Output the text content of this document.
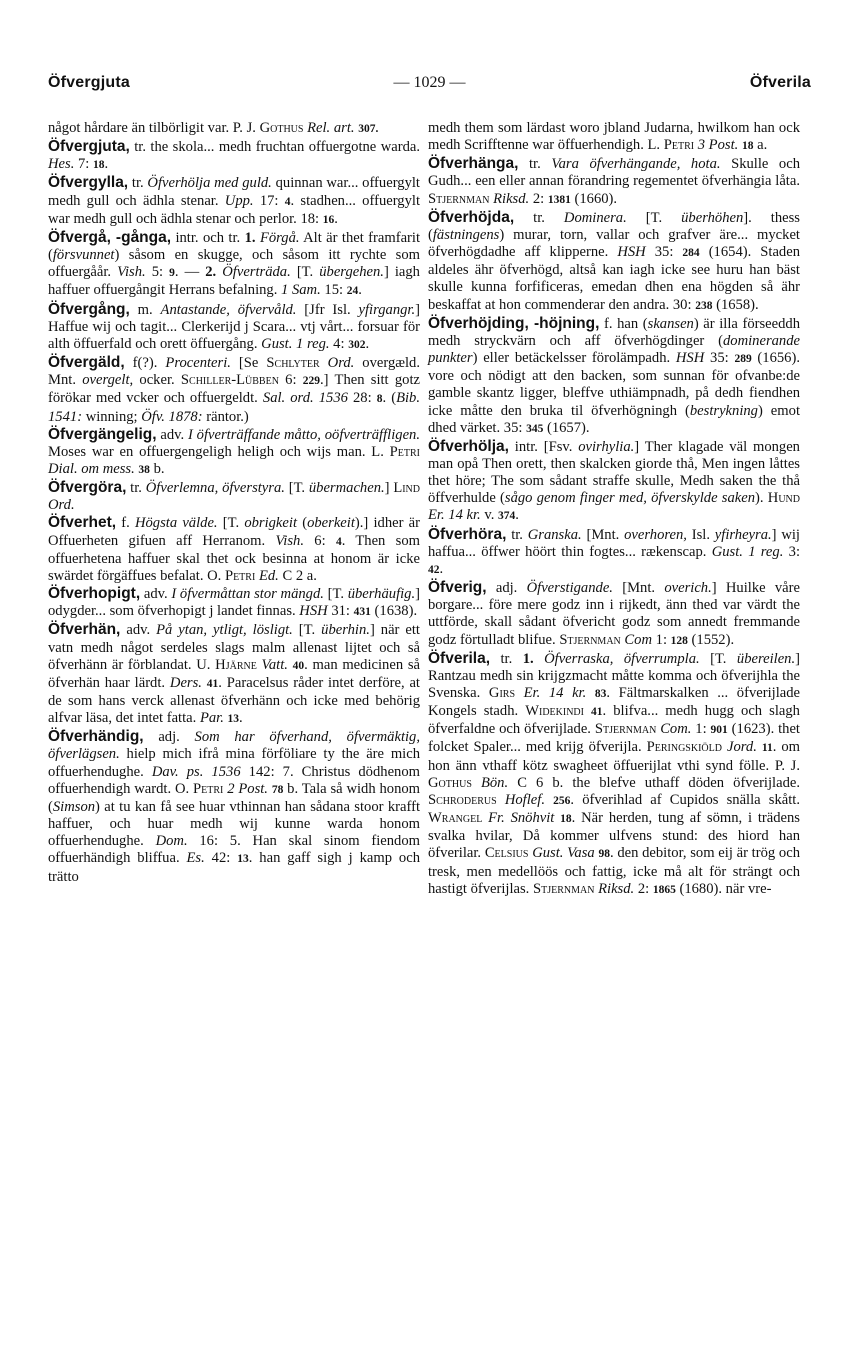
Öfvergjuta	— 1029 —	Öfverila

något hårdare än tilbörligit var. P. J. Gothus Rel. art. 307.

Öfvergjuta, tr. the skola... medh fruchtan offuergotne warda. Hes. 7: 18.

Öfvergylla, tr. Öfverhölja med guld. quinnan war... offuergylt medh gull och ädhla stenar. Upp. 17: 4. stadhen... offuergylt war medh gull och ädhla stenar och perlor. 18: 16.

Öfvergå, -gånga, intr. och tr. 1. Förgå. Alt är thet framfarit (försvunnet) såsom en skugge, och såsom itt rychte som offuergåår. Vish. 5: 9. — 2. Öfverträda. [T. übergehen.] iagh haffuer offuergångit Herrans befalning. 1 Sam. 15: 24.

Öfvergång, m. Antastande, öfvervåld. [Jfr Isl. yfirgangr.] Haffue wij och tagit... Clerkerijd j Scara... vtj vårt... forsuar för alth öffuerfald och orett öffuergång. Gust. 1 reg. 4: 302.

Öfvergäld, f(?). Procenteri. [Se Schlyter Ord. overgæld. Mnt. overgelt, ocker. Schiller-Lübben 6: 229.] Then sitt gotz förökar med vcker och offuergeldt. Sal. ord. 1536 28: 8. (Bib. 1541: winning; Öfv. 1878: räntor.)

Öfvergängelig, adv. I öfverträffande måtto, oöfverträffligen. Moses war en offuergengeligh heligh och wijs man. L. Petri Dial. om mess. 38 b.

Öfvergöra, tr. Öfverlemna, öfverstyra. [T. übermachen.] Lind Ord.

Öfverhet, f. Högsta välde. [T. obrigkeit (oberkeit).] idher är Offuerheten gifuen aff Herranom. Vish. 6: 4. Then som offuerhetena haffuer skal thet ock besinna at honom är icke swärdet förgäffues befalat. O. Petri Ed. C 2 a.

Öfverhopigt, adv. I öfvermåttan stor mängd. [T. überhäufig.] odygder... som öfverhopigt j landet finnas. HSH 31: 431 (1638).

Öfverhän, adv. På ytan, ytligt, lösligt. [T. überhin.] när ett vatn medh något serdeles slags malm allenast lijtet och så öfverhänn är förblandat. U. Hjärne Vatt. 40. man medicinen så öfverhän haar lärdt. Ders. 41. Paracelsus råder intet derföre, at de som hans verck allenast öfverhänn och icke med behörig alfvar läsa, det intet fatta. Par. 13.

Öfverhändig, adj. Som har öfverhand, öfvermäktig, öfverlägsen. hielp mich ifrå mina förföliare ty the äre mich offuerhendughe. Dav. ps. 1536 142: 7. Christus dödhenom offuerhendigh wardt. O. Petri 2 Post. 78 b. Tala så widh honom (Simson) at tu kan få see huar vthinnan han sådana stoor krafft haffuer, och huar medh wij kunne warda honom offuerhendughe. Dom. 16: 5. Han skal sinom fiendom offuerhändigh bliffua. Es. 42: 13. han gaff sigh j kamp och trätto

medh them som lärdast woro jbland Judarna, hwilkom han ock medh Scrifftenne war öffuerhendigh. L. Petri 3 Post. 18 a.

Öfverhänga, tr. Vara öfverhängande, hota. Skulle och Gudh... een eller annan förandring regementet öfverhängia låta. Stjernman Riksd. 2: 1381 (1660).

Öfverhöjda, tr. Dominera. [T. überhöhen]. thess (fästningens) murar, torn, vallar och grafver äre... mycket öfverhögdadhe aff klipperne. HSH 35: 284 (1654). Staden aldeles ähr öfverhögd, altså kan iagh icke see huru han bäst skulle kunna forfificeras, emedan dhen ena högden så ähr beskaffat at hon commenderar den andra. 30: 238 (1658).

Öfverhöjding, -höjning, f. han (skansen) är illa förseeddh medh stryckvärn och aff öfverhögdinger (dominerande punkter) eller betäckelsser förolämpadh. HSH 35: 289 (1656). vore och nödigt att den backen, som sunnan för ofvanbe:de gamble skantz ligger, bleffve uthiämpnadh, på dedh fiendhen icke måtte den bruka til öfverhögningh (bestrykning) emot dhed värket. 35: 345 (1657).

Öfverhölja, intr. [Fsv. ovirhylia.] Ther klagade väl mongen man opå Then orett, then skalcken giorde thå, Men ingen låttes thet höre; The som sådant straffe skulle, Medh saken the thå öffverhulde (sågo genom finger med, öfverskylde saken). Hund Er. 14 kr. v. 374.

Öfverhöra, tr. Granska. [Mnt. overhoren, Isl. yfirheyra.] wij haffua... öffwer höört thin fogtes... rækenscap. Gust. 1 reg. 3: 42.

Öfverig, adj. Öfverstigande. [Mnt. overich.] Huilke våre borgare... före mere godz inn i rijkedt, änn thed var värdt the uttförde, skall sådant öfvericht godz som annedt fremmande godz förtulladt blifue. Stjernman Com 1: 128 (1552).

Öfverila, tr. 1. Öfverraska, öfverrumpla. [T. übereilen.] Rantzau medh sin krijgzmacht måtte komma och öfverijhla the Svenska. Girs Er. 14 kr. 83. Fältmarskalken ... öfverijlade Kongels stadh. Widekindi 41. blifva... medh hugg och slagh öfverfaldne och öfverijlade. Stjernman Com. 1: 901 (1623). thet folcket Spaler... med krijg öfverijla. Peringskiöld Jord. 11. om hon änn vthaff kötz swagheet öffuerijlat vthi synd fölle. P. J. Gothus Bön. C 6 b. the blefve uthaff döden öfverijlade. Schroderus Hoflef. 256. öfverihlad af Cupidos snälla skått. Wrangel Fr. Snöhvit 18. När herden, tung af sömn, i trädens svalka hvilar, Då kommer ulfvens stund: des hiord han öfverilar. Celsius Gust. Vasa 98. den debitor, som eij är trög och tresk, men medellöös och fattig, icke må alt för strängt och hastigt öfverijlas. Stjernman Riksd. 2: 1865 (1680). när vre-
